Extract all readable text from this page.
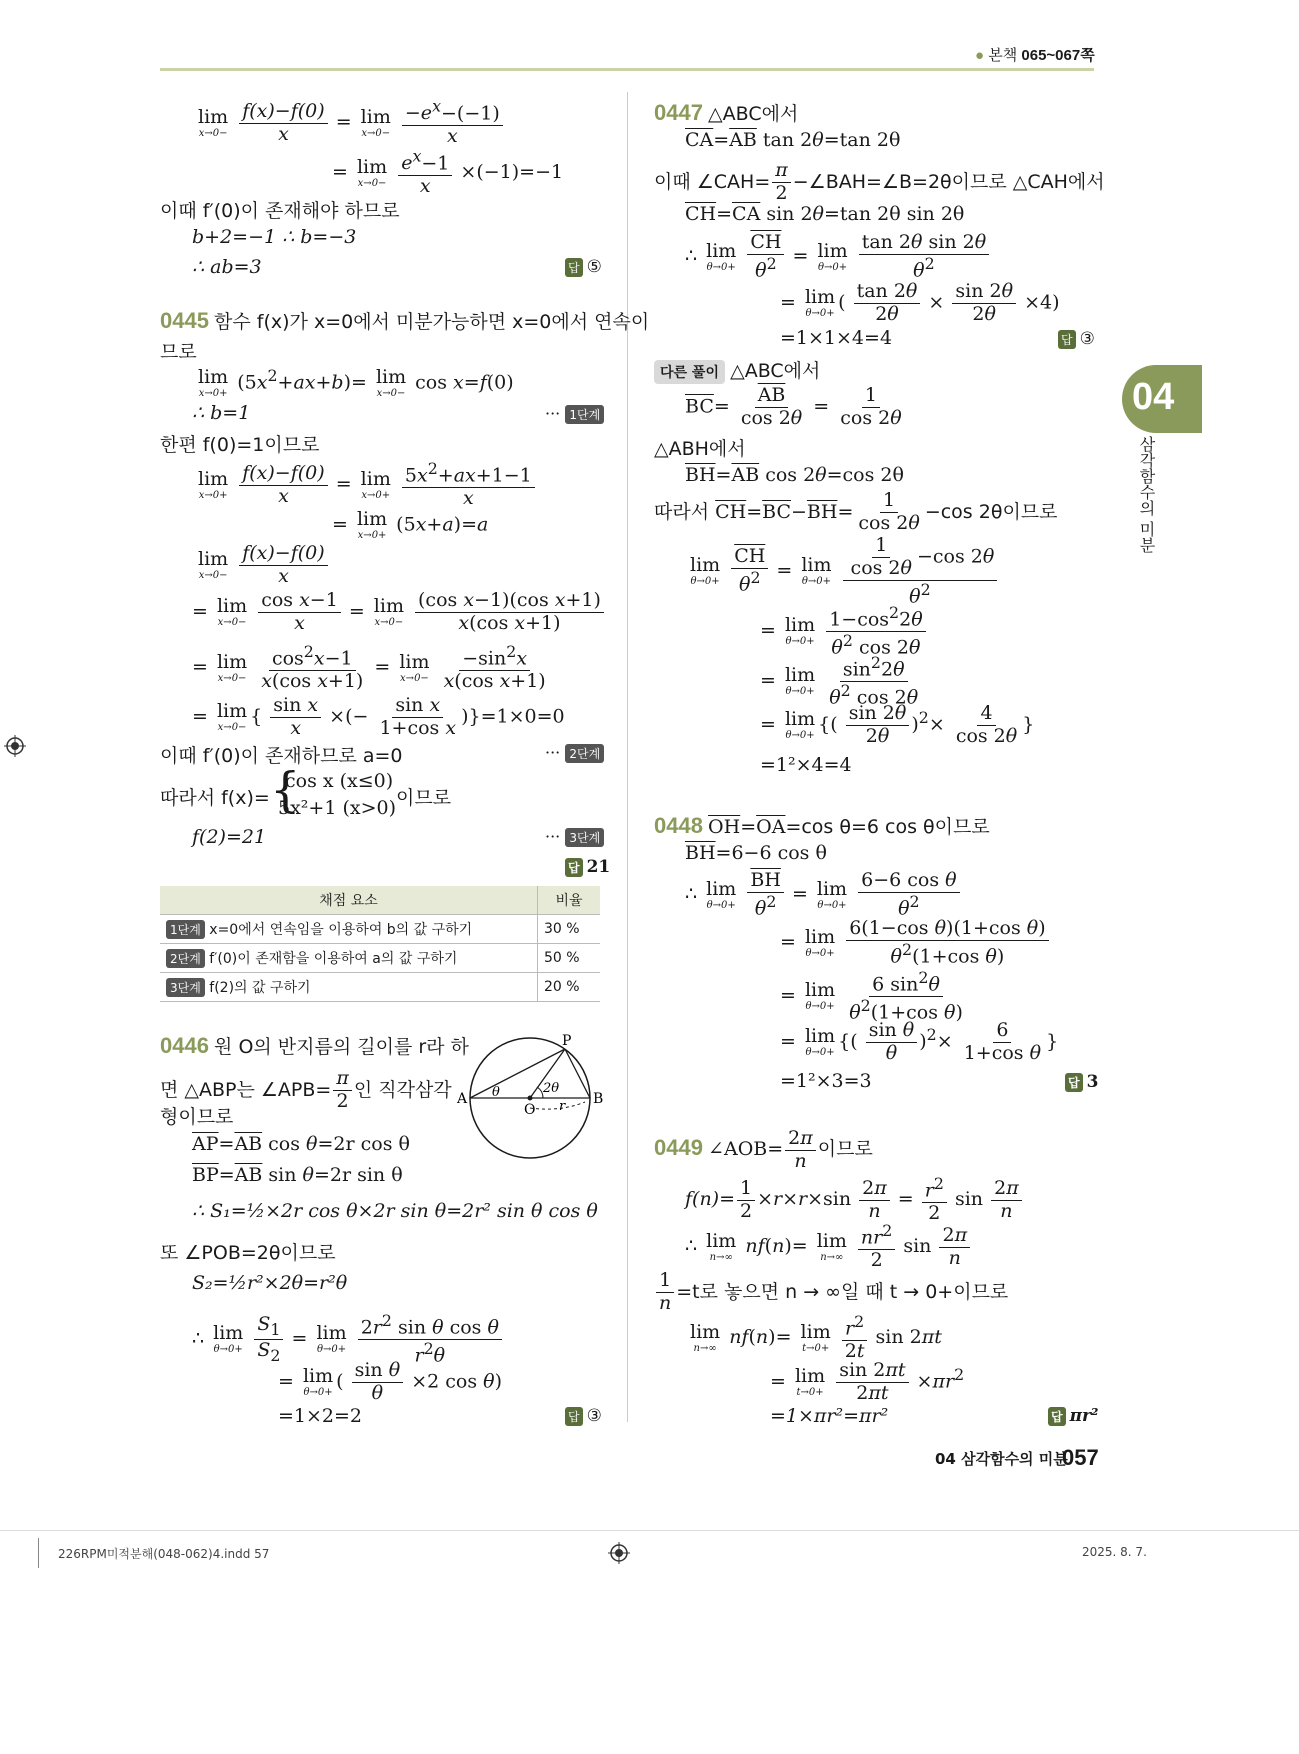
● 본책 065~067쪽
04
삼각함수의 미분
lim
x→0−
$\frac{f(x)-f(0)}{x} = \lim$
x→0−
$\frac{-e^x-(-1)}{x}$
= lim
x→0−
$\frac{e^x-1}{x} \times(-1)=-1$
이때 f′(0)이 존재해야 하므로
b+2=−1 ∴ b=−3
∴ ab=3	답 ⑤
0445 함수 f(x)가 x=0에서 미분가능하면 x=0에서 연속이
므로
lim
$x\to 0+ (5x^2+ax+b)= \lim$
x→0− cos x=f(0)
∴ b=1	··· 1단계
한편 f(0)=1이므로
lim
x→0+
$\frac{f(x)-f(0)}{x} = \lim$
x→0+
$\frac{5x^2+ax+1-1}{x}$
= lim
x→0+ (5x+a)=a
lim
x→0−
$\frac{f(x)-f(0)}{x}$
= lim
x→0−
$\frac{\text{cos x−1}}{x} = \lim$
x→0−
$\frac{\text{(cos x−1)(cos x+1)}}{\text{x(cos x+1)}}$
= lim
x→0−
$\frac{\cos^2x-1}{\text{x(cos x+1)}} = \lim$
x→0−
$\frac{-\sin^2x}{\text{x(cos x+1)}}$
= lim
x→0− { $\frac{\text{sin x}}{x}$ ×(− $\frac{\text{sin x}}{\text{1+cos x}} )\}=1\times 0=0$
이때 f′(0)이 존재하므로 a=0	··· 2단계
따라서 f(x)= {
cos x (x≤0)
5x²+1 (x>0) 이므로
f(2)=21	··· 3단계
답 21
채점 요소	비율
1단계 x=0에서 연속임을 이용하여 b의 값 구하기	30 %
2단계 f′(0)이 존재함을 이용하여 a의 값 구하기	50 %
3단계 f(2)의 값 구하기	20 %
0446 원 O의 반지름의 길이를 r라 하
면 △ABP는 ∠APB= $\frac{\pi}{2}$ 인 직각삼각
형이므로
P
A	B
O
θ	2θ
r
$\overline{AP}=\overline{AB}$ cos θ=2r cos θ
$\overline{BP}=\overline{AB}$ sin θ=2r sin θ
∴ S₁=½×2r cos θ×2r sin θ=2r² sin θ cos θ
또 ∠POB=2θ이므로
S₂=½r²×2θ=r²θ
∴ lim
θ→0+
$\frac{S_1}{S_2} = \lim$
θ→0+
$\frac{2r^2 \sin \theta \cos \theta}{r^2\theta}$
= lim
θ→0+ ( $\frac{\text{sin θ}}{\theta} \times 2$ cos θ)
=1×2=2	답 ③
0447 △ABC에서
$\overline{CA}=\overline{AB}$ tan 2θ=tan 2θ
이때 ∠CAH= $\frac{\pi}{2}$ −∠BAH=∠B=2θ이므로 △CAH에서
$\overline{CH}=\overline{CA}$ sin 2θ=tan 2θ sin 2θ
∴ lim
θ→0+
$\frac{\overline{CH}}{\theta^2} = \lim$
θ→0+
$\frac{\text{tan 2θ sin 2θ}}{\theta^2}$
= lim
θ→0+ ( $\frac{\tan 2\theta}{2\theta} \times \frac{\sin 2\theta}{2\theta} \times 4$)
=1×1×4=4	답 ③
다른 풀이 △ABC에서
$\overline{BC}= \frac{\overline{AB}}{\cos 2\theta} = \frac{1}{\cos 2\theta}$
△ABH에서
$\overline{BH}=\overline{AB}$ cos 2θ=cos 2θ
따라서 $\overline{CH}=\overline{BC}-\overline{BH}= \frac{1}{\cos 2\theta} -\cos$ 2θ이므로
lim
θ→0+
$\frac{\overline{CH}}{\theta^2} = \lim$
θ→0+
$\frac{\frac{1}{\cos 2\theta} -\cos 2\theta}{\theta^2}$
= lim
θ→0+
$\frac{1-\cos^22\theta}{\theta^2 \cos 2\theta}$
= lim
θ→0+
$\frac{\sin^22\theta}{\theta^2 \cos 2\theta}$
= lim
θ→0+ {( $\frac{\sin 2\theta}{2\theta} )^2\times \frac{4}{\cos 2\theta}$ }
=1²×4=4
0448 $\overline{OH}=\overline{OA}=\cos$ θ=6 cos θ이므로
$\overline{BH}=6-6$ cos θ
∴ lim
θ→0+
$\frac{\overline{BH}}{\theta^2} = \lim$
θ→0+
$\frac{\text{6−6 cos θ}}{\theta^2}$
= lim
θ→0+
$\frac{\text{6(1−cos θ)(1+cos θ)}}{\theta^2(1+\cos \theta)}$
= lim
θ→0+
$\frac{6 \sin^2\theta}{\theta^2(1+\cos \theta)}$
= lim
θ→0+ {( $\frac{\text{sin θ}}{\theta} )^2\times \frac{6}{\text{1+cos θ}}$ }
=1²×3=3	답 3
0449 ∠AOB= $\frac{2\pi}{n}$ 이므로
$f(n)= \frac{1}{2} \times r\times r\times\sin \frac{2\pi}{n} = \frac{r^2}{2}$ $\sin \frac{2\pi}{n}$
∴ lim
n→∞ nf(n)= lim
n→∞
$\frac{nr^2}{2}$ $\sin \frac{2\pi}{n}$
$\frac{1}{n} =t$로 놓으면 n → ∞일 때 t → 0+이므로
lim
n→∞ nf(n)= lim
t→0+
$\frac{r^2}{2t}$ sin 2πt
= lim
t→0+
$\frac{\sin 2\pi t}{2\pi t} \times\pi r^2$
=1×πr²=πr²	답 πr²
04 삼각함수의 미분
057
226RPM미적분해(048-062)4.indd 57	2025. 8. 7.
